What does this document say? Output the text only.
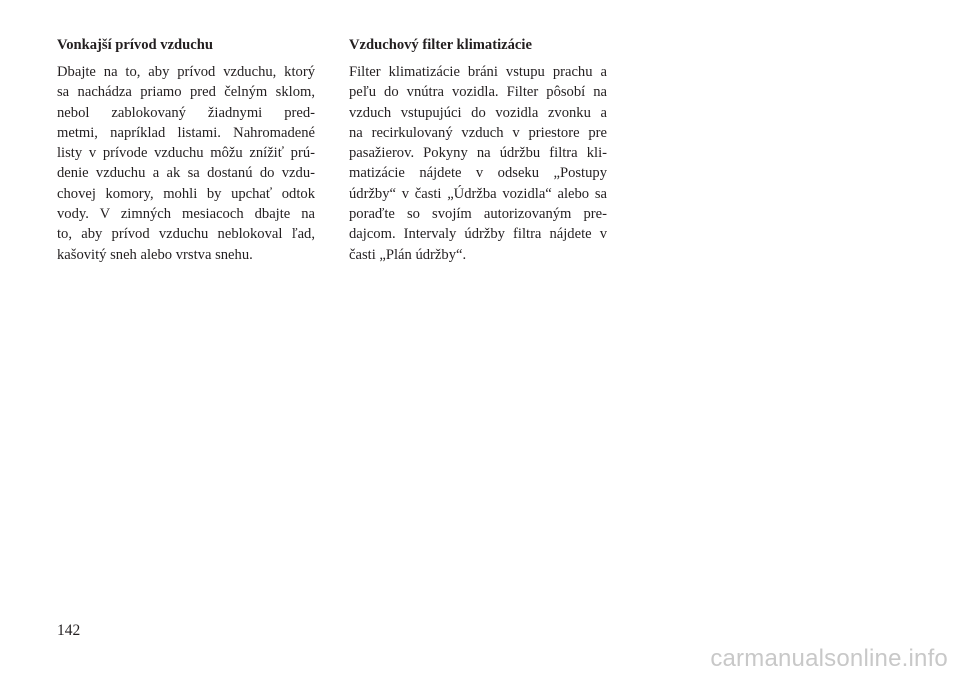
Vonkajší prívod vzduchu

Dbajte na to, aby prívod vzduchu, ktorý
sa nachádza priamo pred čelným sklom,
nebol zablokovaný žiadnymi pred-
metmi, napríklad listami. Nahromadené
listy v prívode vzduchu môžu znížiť prú-
denie vzduchu a ak sa dostanú do vzdu-
chovej komory, mohli by upchať odtok
vody. V zimných mesiacoch dbajte na
to, aby prívod vzduchu neblokoval ľad,
kašovitý sneh alebo vrstva snehu.

Vzduchový filter klimatizácie

Filter klimatizácie bráni vstupu prachu a
peľu do vnútra vozidla. Filter pôsobí na
vzduch vstupujúci do vozidla zvonku a
na recirkulovaný vzduch v priestore pre
pasažierov. Pokyny na údržbu filtra kli-
matizácie nájdete v odseku „Postupy
údržby“ v časti „Údržba vozidla“ alebo sa
poraďte so svojím autorizovaným pre-
dajcom. Intervaly údržby filtra nájdete v
časti „Plán údržby“.

142
carmanualsonline.info
